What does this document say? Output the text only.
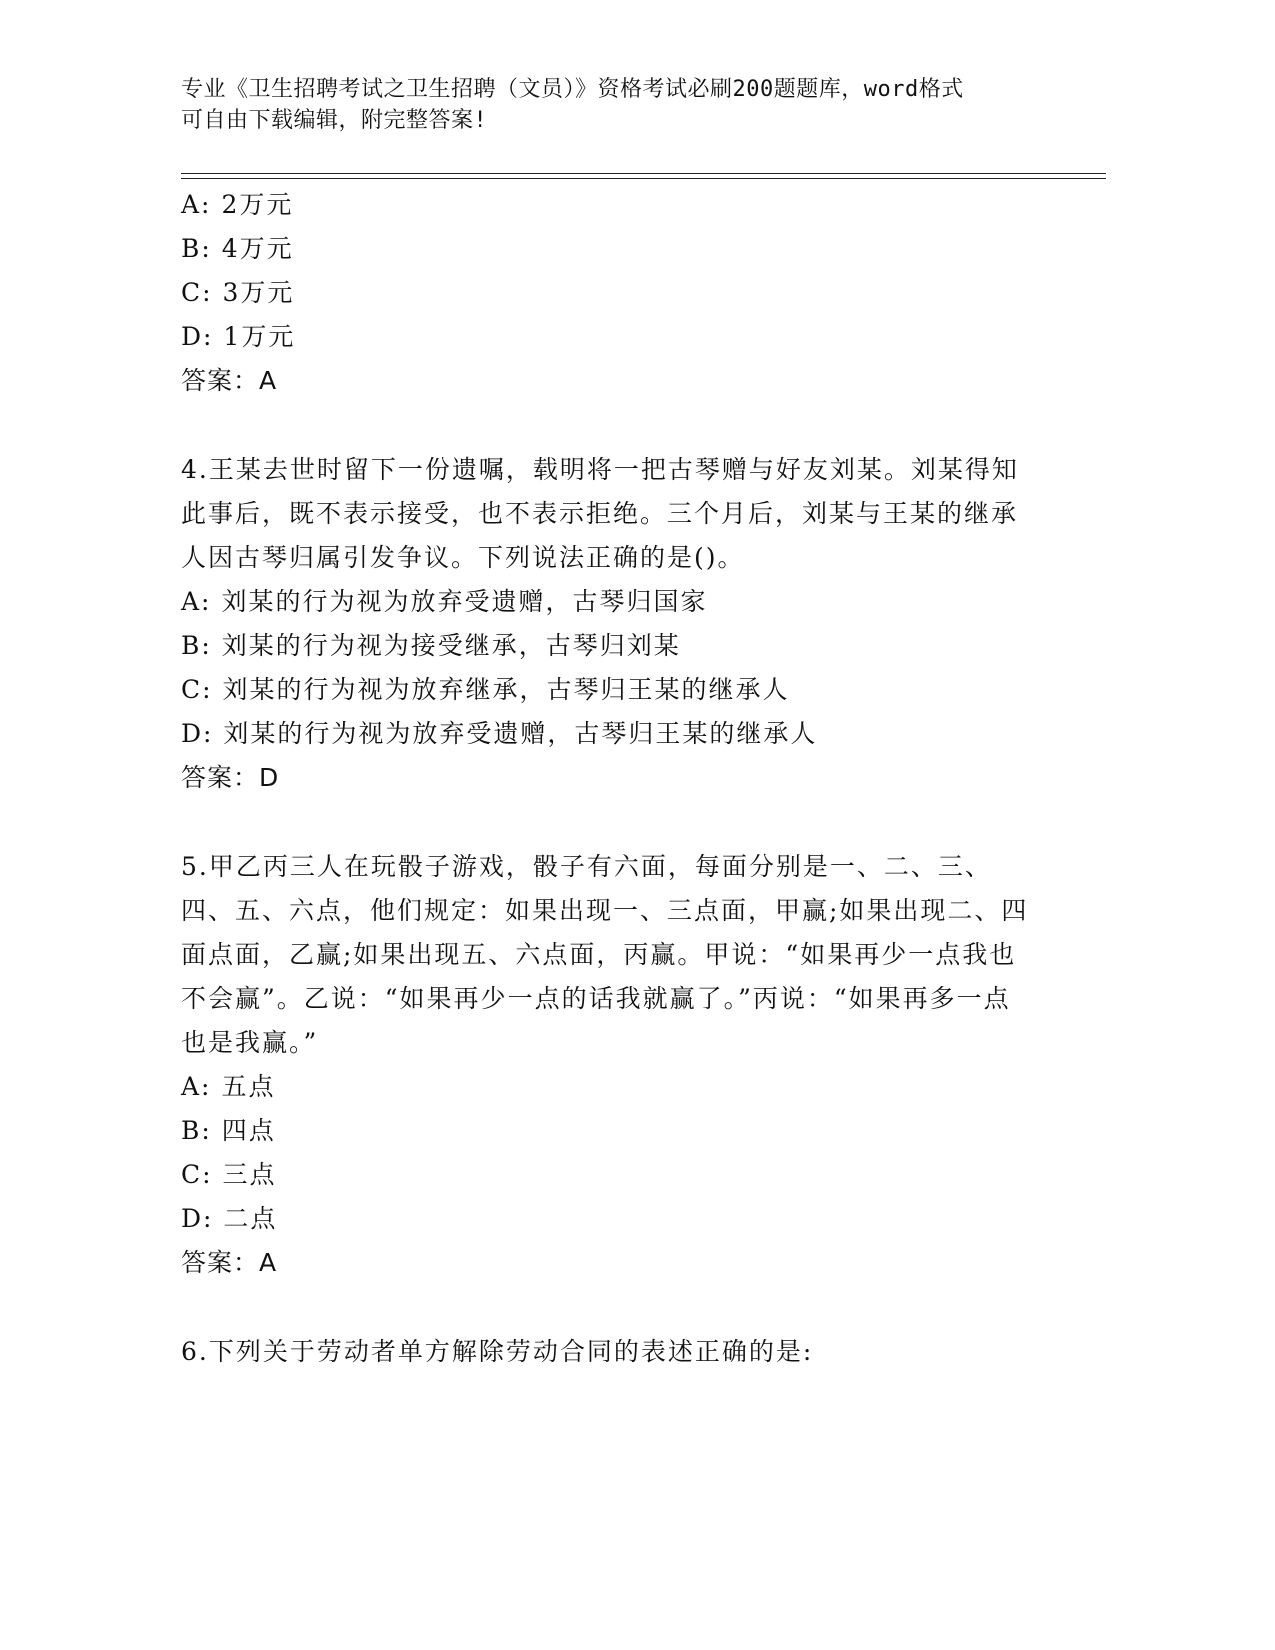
专业《卫生招聘考试之卫生招聘（文员）》资格考试必刷200题题库，word格式
可自由下载编辑，附完整答案!
A: 2万元
B: 4万元
C: 3万元
D: 1万元
答案：A
4.王某去世时留下一份遗嘱，载明将一把古琴赠与好友刘某。刘某得知此事后，既不表示接受，也不表示拒绝。三个月后，刘某与王某的继承人因古琴归属引发争议。下列说法正确的是()。
A: 刘某的行为视为放弃受遗赠，古琴归国家
B: 刘某的行为视为接受继承，古琴归刘某
C: 刘某的行为视为放弃继承，古琴归王某的继承人
D: 刘某的行为视为放弃受遗赠，古琴归王某的继承人
答案：D
5.甲乙丙三人在玩骰子游戏，骰子有六面，每面分别是一、二、三、四、五、六点，他们规定：如果出现一、三点面，甲赢;如果出现二、四面点面，乙赢;如果出现五、六点面，丙赢。甲说：“如果再少一点我也不会赢”。乙说：“如果再少一点的话我就赢了。”丙说：“如果再多一点也是我赢。”
A: 五点
B: 四点
C: 三点
D: 二点
答案：A
6.下列关于劳动者单方解除劳动合同的表述正确的是:
